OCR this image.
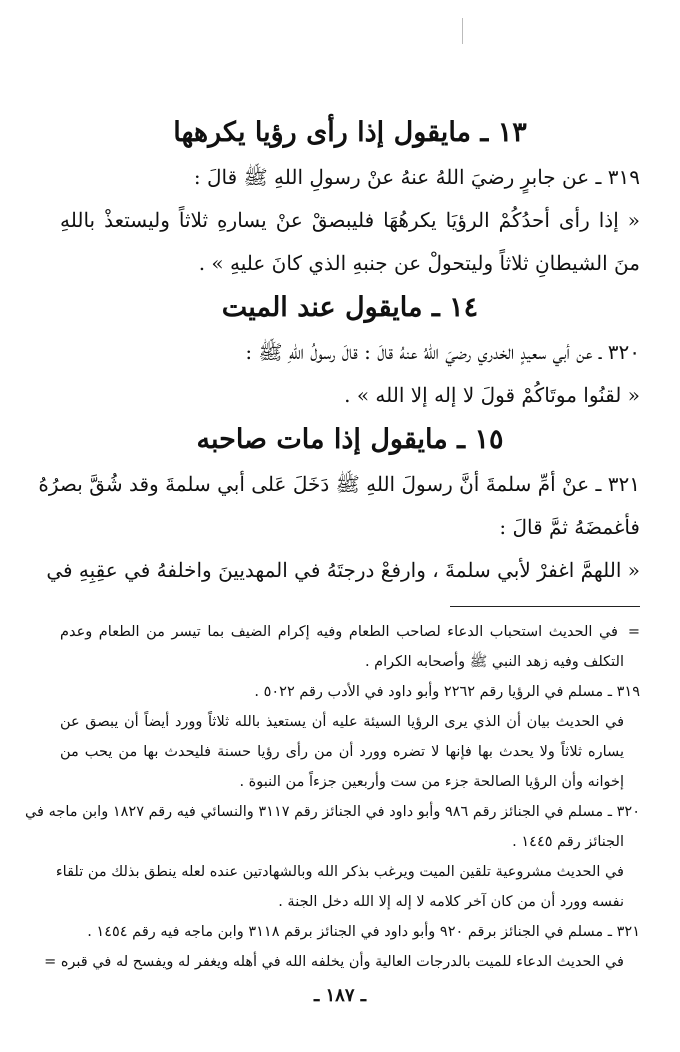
١٣ ـ مايقول إذا رأى رؤيا يكرهها

٣١٩ ـ عن جابرٍ رضيَ اللهُ عنهُ عنْ رسولِ اللهِ ﷺ قالَ :

« إذا رأى أحدُكُمْ الرؤيَا يكرهُهَا فليبصقْ عنْ يسارهِ ثلاثاً وليستعذْ باللهِ

منَ الشيطانِ ثلاثاً وليتحولْ عن جنبهِ الذي كانَ عليهِ » .

١٤ ـ مايقول عند الميت

٣٢٠ ـ عن أبي سعيدٍ الخدري رضيَ اللهُ عنهُ قالَ : قالَ رسولُ اللهِ ﷺ :

« لقنُوا موتَاكُمْ قولَ لا إله إلا الله » .

١٥ ـ مايقول إذا مات صاحبه

٣٢١ ـ عنْ أمِّ سلمةَ أنَّ رسولَ اللهِ ﷺ دَخَلَ عَلى أبي سلمةَ وقد شُقَّ بصرُهُ

فأغمضَهُ ثمَّ قالَ :

« اللهمَّ اغفرْ لأبي سلمةَ ، وارفعْ درجتَهُ في المهديينَ واخلفهُ في عقِبِهِ في

=في الحديث استحباب الدعاء لصاحب الطعام وفيه إكرام الضيف بما تيسر من الطعام وعدم

التكلف وفيه زهد النبي ﷺ وأصحابه الكرام .

٣١٩ ـ مسلم في الرؤيا رقم ٢٢٦٢ وأبو داود في الأدب رقم ٥٠٢٢ .

في الحديث بيان أن الذي يرى الرؤيا السيئة عليه أن يستعيذ بالله ثلاثاً وورد أيضاً أن يبصق عن

يساره ثلاثاً ولا يحدث بها فإنها لا تضره وورد أن من رأى رؤيا حسنة فليحدث بها من يحب من

إخوانه وأن الرؤيا الصالحة جزء من ست وأربعين جزءاً من النبوة .

٣٢٠ ـ مسلم في الجنائز رقم ٩٨٦ وأبو داود في الجنائز رقم ٣١١٧ والنسائي فيه رقم ١٨٢٧ وابن ماجه في

الجنائز رقم ١٤٤٥ .

في الحديث مشروعية تلقين الميت ويرغب بذكر الله وبالشهادتين عنده لعله ينطق بذلك من تلقاء

نفسه وورد أن من كان آخر كلامه لا إله إلا الله دخل الجنة .

٣٢١ ـ مسلم في الجنائز برقم ٩٢٠ وأبو داود في الجنائز برقم ٣١١٨ وابن ماجه فيه رقم ١٤٥٤ .

في الحديث الدعاء للميت بالدرجات العالية وأن يخلفه الله في أهله ويغفر له ويفسح له في قبره =

ـ ١٨٧ ـ
